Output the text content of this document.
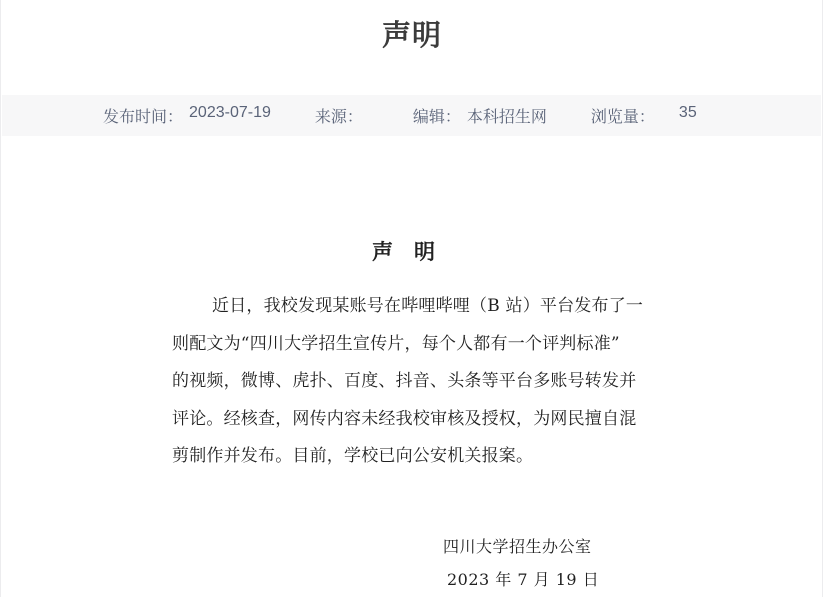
声明
发布时间： 2023-07-19	来源：	编辑： 本科招生网	浏览量： 35
声　明
近日，我校发现某账号在哔哩哔哩（B 站）平台发布了一
则配文为“四川大学招生宣传片，每个人都有一个评判标准”
的视频，微博、虎扑、百度、抖音、头条等平台多账号转发并
评论。经核查，网传内容未经我校审核及授权，为网民擅自混
剪制作并发布。目前，学校已向公安机关报案。
四川大学招生办公室
2023 年 7 月 19 日
